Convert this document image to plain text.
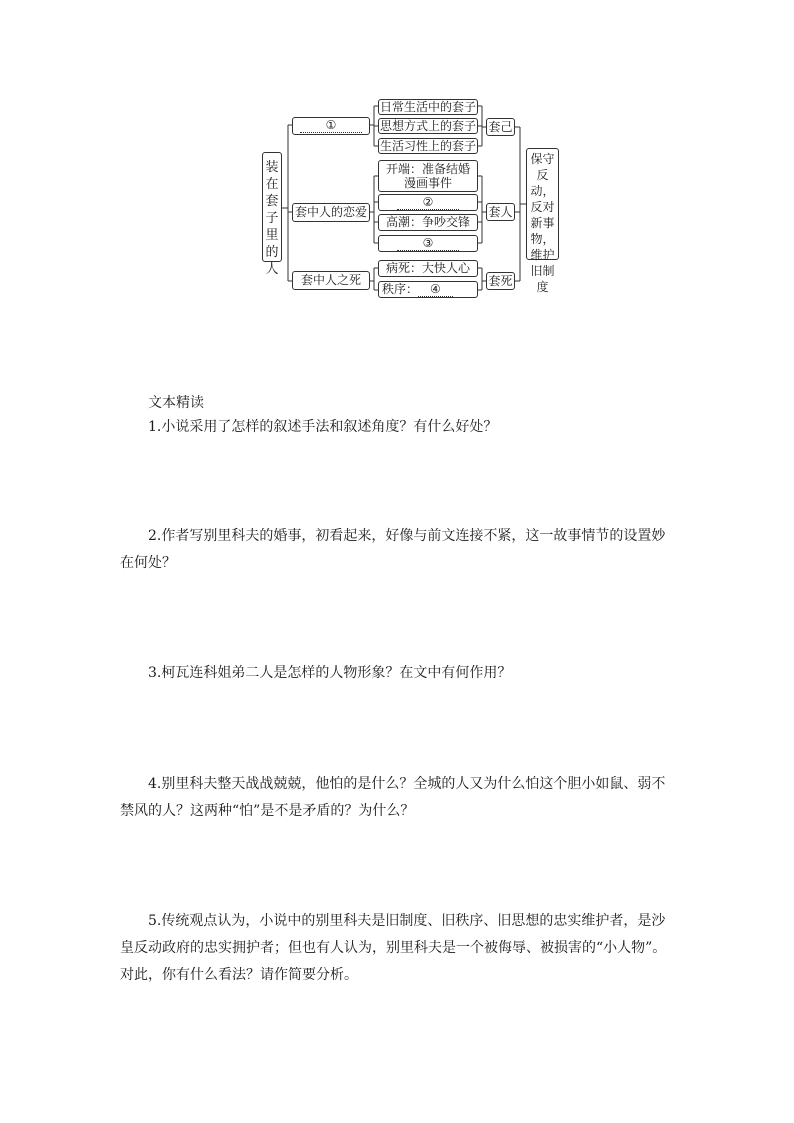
装在套子里的人
①
套中人的恋爱
套中人之死
日常生活中的套子
思想方式上的套子
生活习性上的套子
开端：准备结婚漫画事件
②
高潮：争吵交锋
③
病死：大快人心
秩序： ④
套己
套人
套死
保守反动，反对新事物，维护旧制度
文本精读
1.小说采用了怎样的叙述手法和叙述角度？有什么好处？
2.作者写别里科夫的婚事，初看起来，好像与前文连接不紧，这一故事情节的设置妙在何处？
3.柯瓦连科姐弟二人是怎样的人物形象？在文中有何作用？
4.别里科夫整天战战兢兢，他怕的是什么？全城的人又为什么怕这个胆小如鼠、弱不禁风的人？这两种“怕”是不是矛盾的？为什么？
5.传统观点认为，小说中的别里科夫是旧制度、旧秩序、旧思想的忠实维护者，是沙皇反动政府的忠实拥护者；但也有人认为，别里科夫是一个被侮辱、被损害的“小人物”。对此，你有什么看法？请作简要分析。
